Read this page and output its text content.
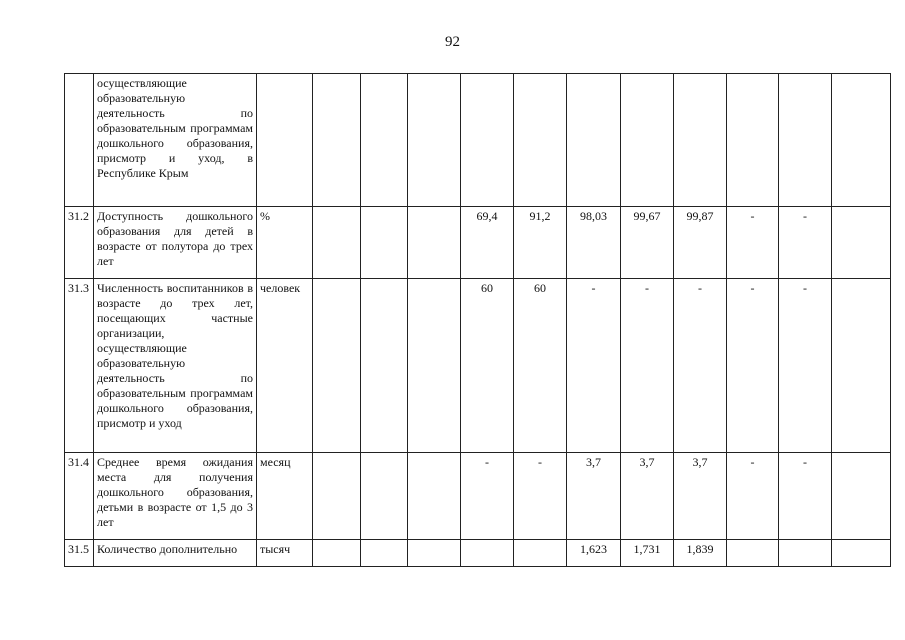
92
	осуществляющие образовательную деятельность по образовательным программам дошкольного образования, присмотр и уход, в Республике Крым												
31.2	Доступность дошкольного образования для детей в возрасте от полутора до трех лет	%				69,4	91,2	98,03	99,67	99,87	-	-	
31.3	Численность воспитанников в возрасте до трех лет, посещающих частные организации, осуществляющие образовательную деятельность по образовательным программам дошкольного образования, присмотр и уход	человек				60	60	-	-	-	-	-	
31.4	Среднее время ожидания места для получения дошкольного образования, детьми в возрасте от 1,5 до 3 лет	месяц				-	-	3,7	3,7	3,7	-	-	
31.5	Количество дополнительно	тысяч						1,623	1,731	1,839			
